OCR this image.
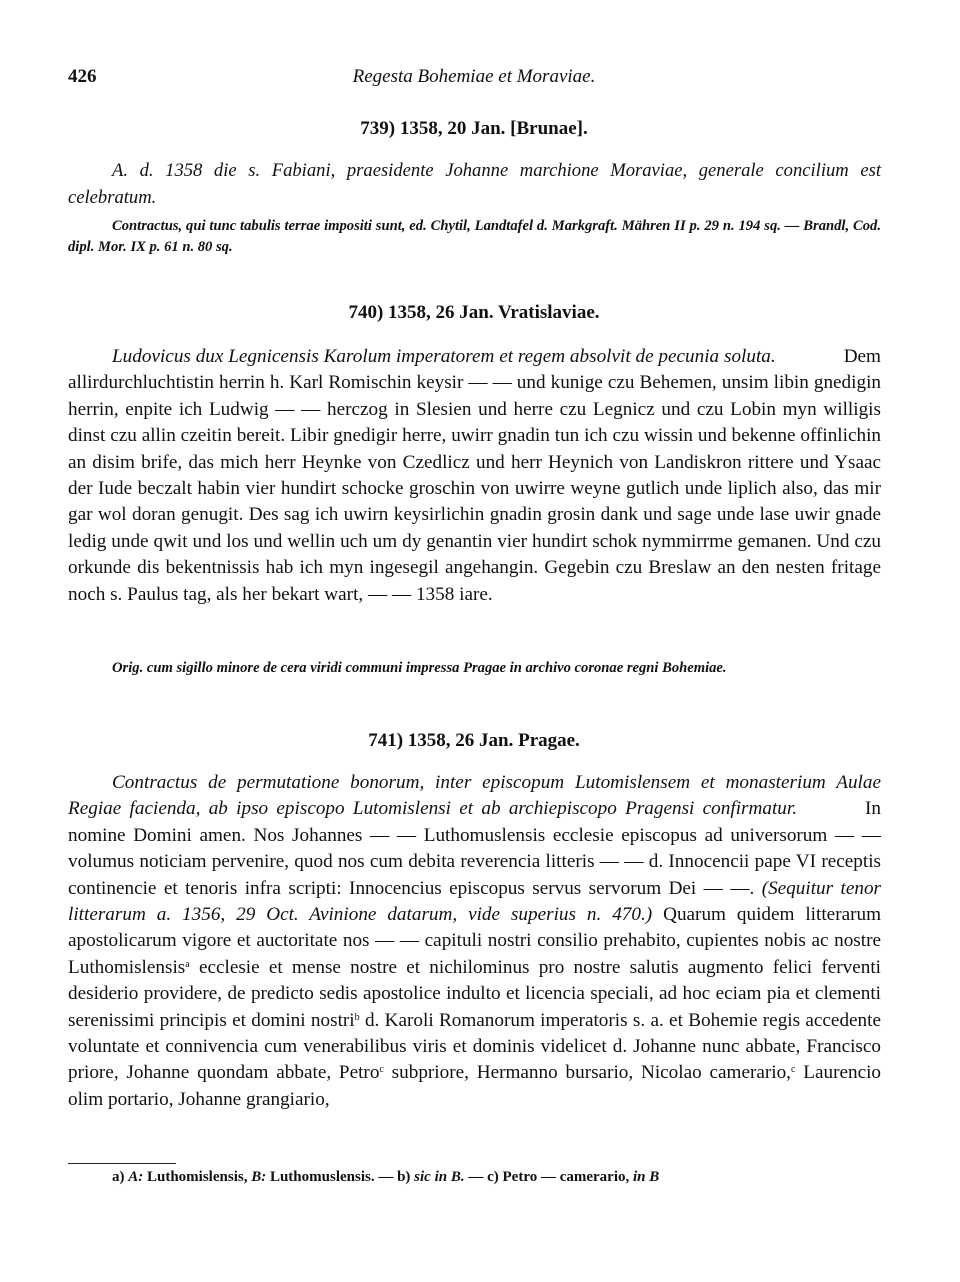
426	Regesta Bohemiae et Moraviae.
739) 1358, 20 Jan. [Brunae].
A. d. 1358 die s. Fabiani, praesidente Johanne marchione Moraviae, generale concilium est celebratum.
Contractus, qui tunc tabulis terrae impositi sunt, ed. Chytil, Landtafel d. Markgraft. Mähren II p. 29 n. 194 sq. — Brandl, Cod. dipl. Mor. IX p. 61 n. 80 sq.
740) 1358, 26 Jan. Vratislaviae.
Ludovicus dux Legnicensis Karolum imperatorem et regem absolvit de pecunia soluta.	Dem allirdurchluchtistin herrin h. Karl Romischin keysir — — und kunige czu Behemen, unsim libin gnedigin herrin, enpite ich Ludwig — — herczog in Slesien und herre czu Legnicz und czu Lobin myn willigis dinst czu allin czeitin bereit. Libir gnedigir herre, uwirr gnadin tun ich czu wissin und bekenne offinlichin an disim brife, das mich herr Heynke von Czedlicz und herr Heynich von Landiskron rittere und Ysaac der Iude beczalt habin vier hundirt schocke groschin von uwirre weyne gutlich unde liplich also, das mir gar wol doran genugit. Des sag ich uwirn keysirlichin gnadin grosin dank und sage unde lase uwir gnade ledig unde qwit und los und wellin uch um dy genantin vier hundirt schok nymmirrme gemanen. Und czu orkunde dis bekentnissis hab ich myn ingesegil angehangin. Gegebin czu Breslaw an den nesten fritage noch s. Paulus tag, als her bekart wart, — — 1358 iare.
Orig. cum sigillo minore de cera viridi communi impressa Pragae in archivo coronae regni Bohemiae.
741) 1358, 26 Jan. Pragae.
Contractus de permutatione bonorum, inter episcopum Lutomislensem et monasterium Aulae Regiae facienda, ab ipso episcopo Lutomislensi et ab archiepiscopo Pragensi confirmatur.	In nomine Domini amen. Nos Johannes — — Luthomuslensis ecclesie episcopus ad universorum — — volumus noticiam pervenire, quod nos cum debita reverencia litteris — — d. Innocencii pape VI receptis continencie et tenoris infra scripti: Innocencius episcopus servus servorum Dei — —. (Sequitur tenor litterarum a. 1356, 29 Oct. Avinione datarum, vide superius n. 470.) Quarum quidem litterarum apostolicarum vigore et auctoritate nos — — capituli nostri consilio prehabito, cupientes nobis ac nostre Luthomislensis$^a$ ecclesie et mense nostre et nichilominus pro nostre salutis augmento felici ferventi desiderio providere, de predicto sedis apostolice indulto et licencia speciali, ad hoc eciam pia et clementi serenissimi principis et domini nostri$^b$ d. Karoli Romanorum imperatoris s. a. et Bohemie regis accedente voluntate et connivencia cum venerabilibus viris et dominis videlicet d. Johanne nunc abbate, Francisco priore, Johanne quondam abbate, Petro$^c$ subpriore, Hermanno bursario, Nicolao camerario,$^c$ Laurencio olim portario, Johanne grangiario,
a) A: Luthomislensis, B: Luthomuslensis. — b) sic in B. — c) Petro — camerario, in B
